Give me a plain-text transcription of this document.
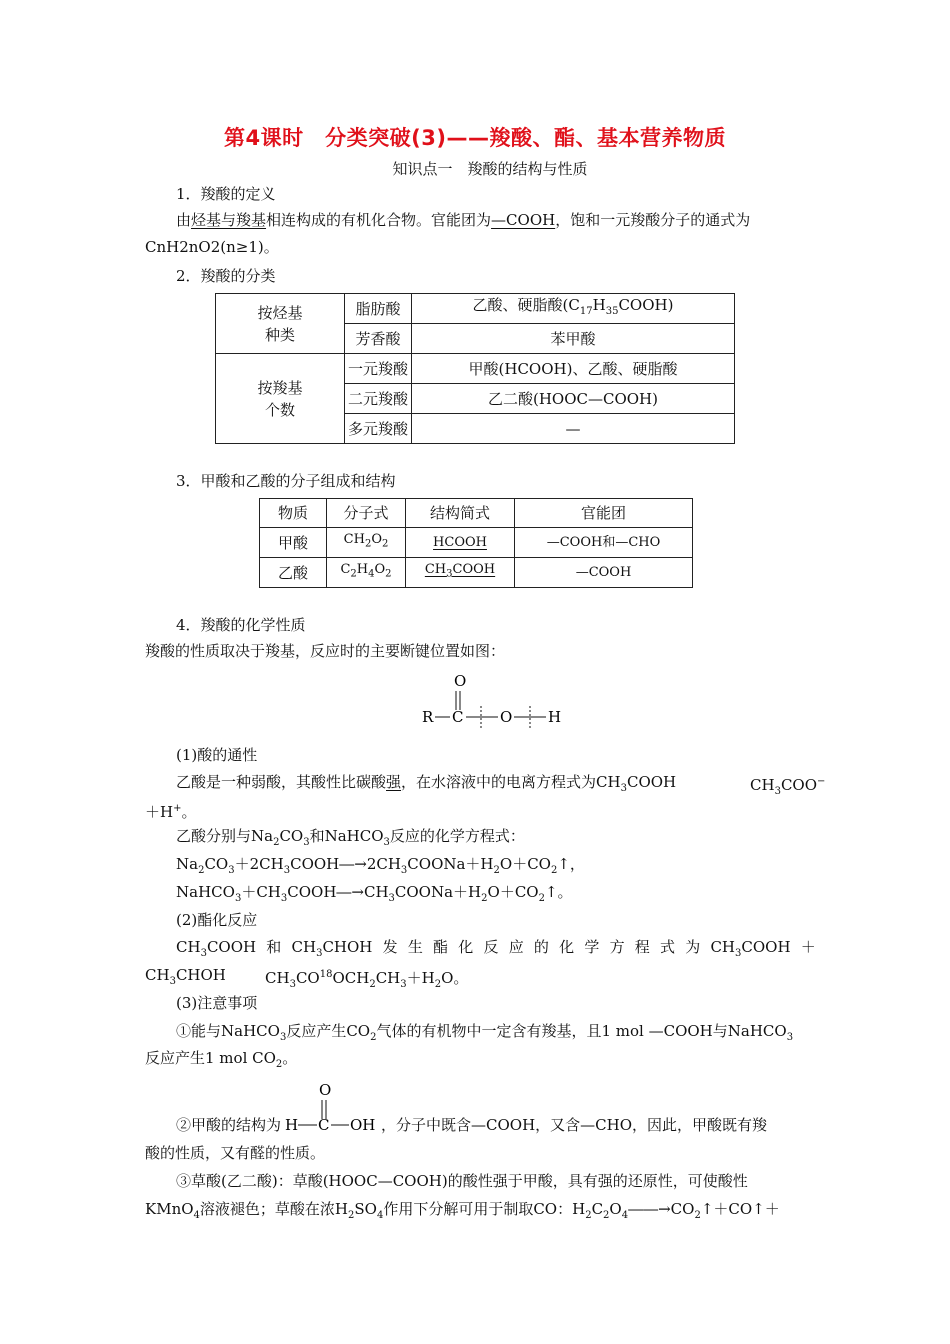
第4课时　分类突破(3)——羧酸、酯、基本营养物质
知识点一　羧酸的结构与性质
1．羧酸的定义
由烃基与羧基相连构成的有机化合物。官能团为—COOH，饱和一元羧酸分子的通式为
CnH2nO2(n≥1)。
2．羧酸的分类
按烃基
种类	脂肪酸	乙酸、硬脂酸$(C_{17}H_{35}COOH)$
	芳香酸	苯甲酸

按羧基
个数	一元羧酸	甲酸(HCOOH)、乙酸、硬脂酸
	二元羧酸	乙二酸(HOOC—COOH)
	多元羧酸	—
3．甲酸和乙酸的分子组成和结构
物质	分子式	结构简式	官能团
甲酸	$CH_2O_2$	HCOOH	—COOH和—CHO
乙酸	$C_2H_4O_2$	$CH_3COOH$	—COOH
4．羧酸的化学性质
羧酸的性质取决于羧基，反应时的主要断键位置如图：
O
R C O H
(1)酸的通性
乙酸是一种弱酸，其酸性比碳酸强，在水溶液中的电离方程式为$CH_3COOH$	$CH_3COO^-$
＋H+。
乙酸分别与$Na_2CO_3$和NaHCO$_3$反应的化学方程式：
$Na_2CO_3+2CH_3COOH―\to 2CH_3COONa+H_2O+CO_2↑$，
$NaHCO_3+CH_3COOH―\to CH_3COONa+H_2O+CO_2↑$。
(2)酯化反应
$CH_3COOH$ 和 $CH_3CHOH$ 发 生 酯 化 反 应 的 化 学 方 程 式 为 $CH_3COOH$ ＋
$CH_3CHOH$	$CH_3CO^{18}OCH_2CH_3+H_2O$。
(3)注意事项
①能与NaHCO$_3$反应产生$CO_2$气体的有机物中一定含有羧基，且1 mol —COOH与NaHCO$_3$
反应产生1 mol $CO_2$。
②甲酸的结构为
O
H C OH ，分子中既含—COOH，又含—CHO，因此，甲酸既有羧
酸的性质，又有醛的性质。
③草酸(乙二酸)：草酸(HOOC—COOH)的酸性强于甲酸，具有强的还原性，可使酸性
KMnO$_4$溶液褪色；草酸在浓$H_2SO_4$作用下分解可用于制取CO：$H_2C_2O_4――\to CO_2↑+CO↑+$
